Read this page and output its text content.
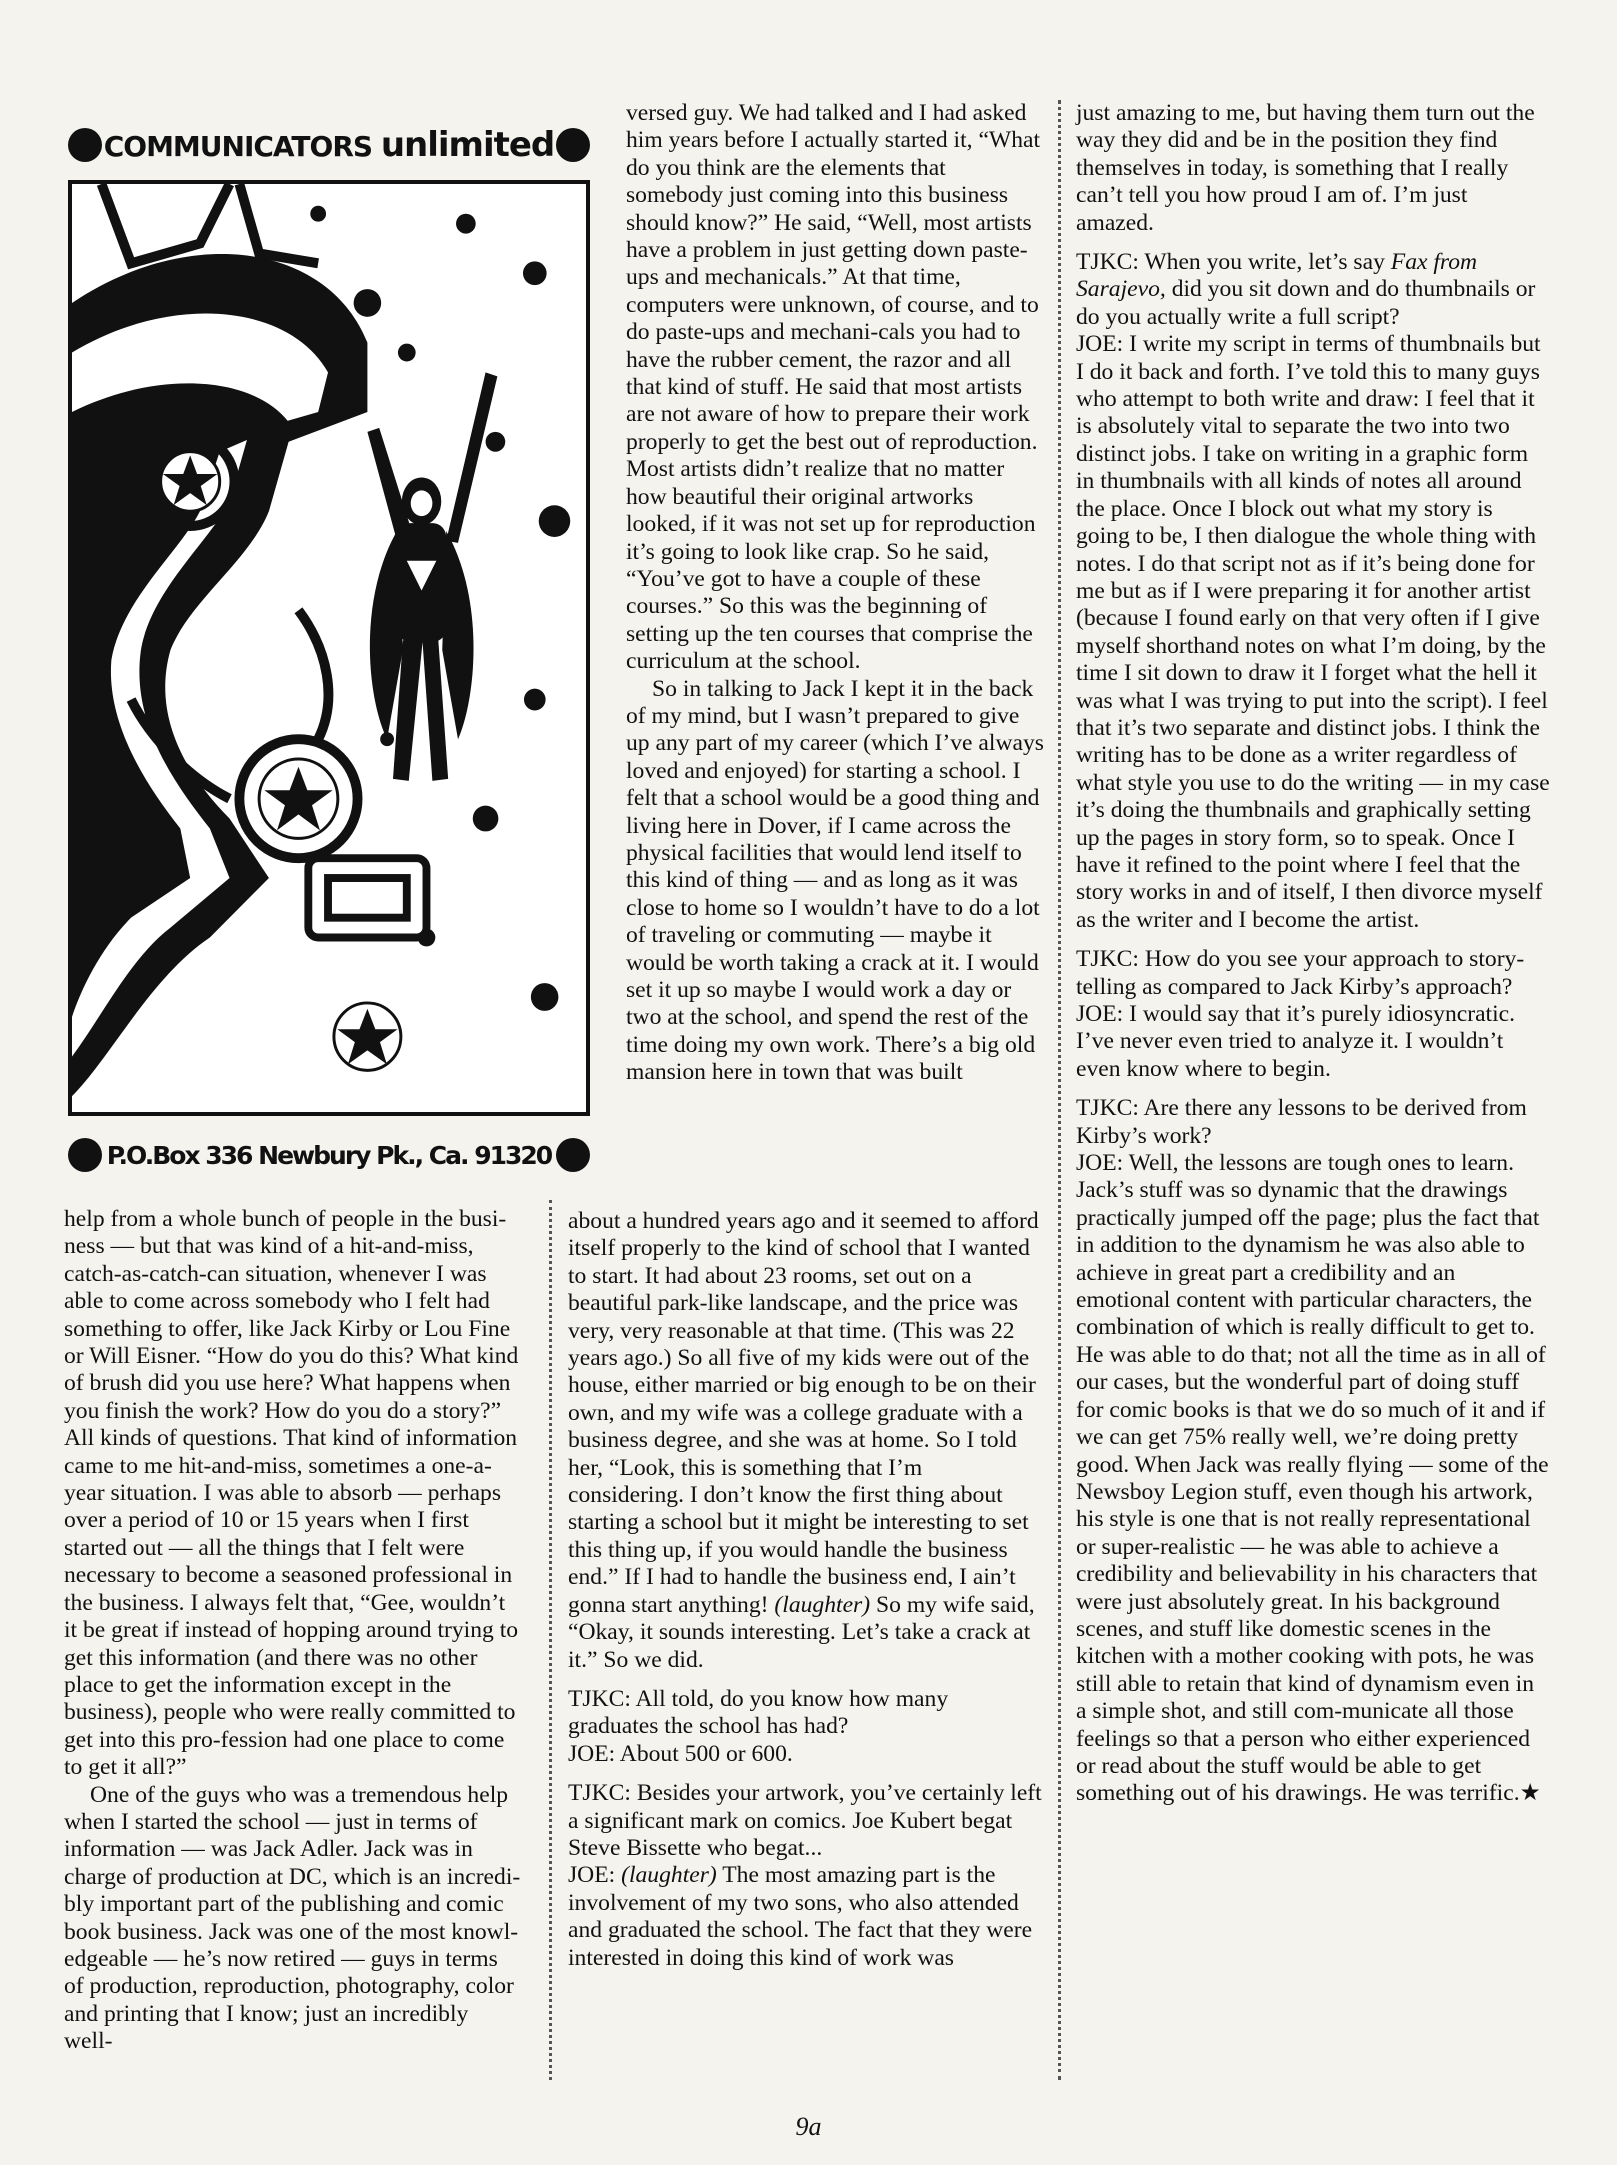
COMMUNICATORS unlimited
P.O.Box 336 Newbury Pk., Ca. 91320

help from a whole bunch of people in the busi-ness — but that was kind of a hit-and-miss, catch-as-catch-can situation, whenever I was able to come across somebody who I felt had something to offer, like Jack Kirby or Lou Fine or Will Eisner. “How do you do this? What kind of brush did you use here? What happens when you finish the work? How do you do a story?” All kinds of questions. That kind of information came to me hit-and-miss, sometimes a one-a-year situation. I was able to absorb — perhaps over a period of 10 or 15 years when I first started out — all the things that I felt were necessary to become a seasoned professional in the business. I always felt that, “Gee, wouldn’t it be great if instead of hopping around trying to get this information (and there was no other place to get the information except in the business), people who were really committed to get into this pro-fession had one place to come to get it all?”

One of the guys who was a tremendous help when I started the school — just in terms of information — was Jack Adler. Jack was in charge of production at DC, which is an incredi-bly important part of the publishing and comic book business. Jack was one of the most knowl-edgeable — he’s now retired — guys in terms of production, reproduction, photography, color and printing that I know; just an incredibly well-

versed guy. We had talked and I had asked him years before I actually started it, “What do you think are the elements that somebody just coming into this business should know?” He said, “Well, most artists have a problem in just getting down paste-ups and mechanicals.” At that time, computers were unknown, of course, and to do paste-ups and mechani-cals you had to have the rubber cement, the razor and all that kind of stuff. He said that most artists are not aware of how to prepare their work properly to get the best out of reproduction. Most artists didn’t realize that no matter how beautiful their original artworks looked, if it was not set up for reproduction it’s going to look like crap. So he said, “You’ve got to have a couple of these courses.” So this was the beginning of setting up the ten courses that comprise the curriculum at the school.

So in talking to Jack I kept it in the back of my mind, but I wasn’t prepared to give up any part of my career (which I’ve always loved and enjoyed) for starting a school. I felt that a school would be a good thing and living here in Dover, if I came across the physical facilities that would lend itself to this kind of thing — and as long as it was close to home so I wouldn’t have to do a lot of traveling or commuting — maybe it would be worth taking a crack at it. I would set it up so maybe I would work a day or two at the school, and spend the rest of the time doing my own work. There’s a big old mansion here in town that was built

about a hundred years ago and it seemed to afford itself properly to the kind of school that I wanted to start. It had about 23 rooms, set out on a beautiful park-like landscape, and the price was very, very reasonable at that time. (This was 22 years ago.) So all five of my kids were out of the house, either married or big enough to be on their own, and my wife was a college graduate with a business degree, and she was at home. So I told her, “Look, this is something that I’m considering. I don’t know the first thing about starting a school but it might be interesting to set this thing up, if you would handle the business end.” If I had to handle the business end, I ain’t gonna start anything! (laughter) So my wife said, “Okay, it sounds interesting. Let’s take a crack at it.” So we did.

TJKC: All told, do you know how many graduates the school has had?

JOE: About 500 or 600.

TJKC: Besides your artwork, you’ve certainly left a significant mark on comics. Joe Kubert begat Steve Bissette who begat...

JOE: (laughter) The most amazing part is the involvement of my two sons, who also attended and graduated the school. The fact that they were interested in doing this kind of work was

just amazing to me, but having them turn out the way they did and be in the position they find themselves in today, is something that I really can’t tell you how proud I am of. I’m just amazed.

TJKC: When you write, let’s say Fax from Sarajevo, did you sit down and do thumbnails or do you actually write a full script?

JOE: I write my script in terms of thumbnails but I do it back and forth. I’ve told this to many guys who attempt to both write and draw: I feel that it is absolutely vital to separate the two into two distinct jobs. I take on writing in a graphic form in thumbnails with all kinds of notes all around the place. Once I block out what my story is going to be, I then dialogue the whole thing with notes. I do that script not as if it’s being done for me but as if I were preparing it for another artist (because I found early on that very often if I give myself shorthand notes on what I’m doing, by the time I sit down to draw it I forget what the hell it was what I was trying to put into the script). I feel that it’s two separate and distinct jobs. I think the writing has to be done as a writer regardless of what style you use to do the writing — in my case it’s doing the thumbnails and graphically setting up the pages in story form, so to speak. Once I have it refined to the point where I feel that the story works in and of itself, I then divorce myself as the writer and I become the artist.

TJKC: How do you see your approach to story-telling as compared to Jack Kirby’s approach?

JOE: I would say that it’s purely idiosyncratic. I’ve never even tried to analyze it. I wouldn’t even know where to begin.

TJKC: Are there any lessons to be derived from Kirby’s work?

JOE: Well, the lessons are tough ones to learn. Jack’s stuff was so dynamic that the drawings practically jumped off the page; plus the fact that in addition to the dynamism he was also able to achieve in great part a credibility and an emotional content with particular characters, the combination of which is really difficult to get to. He was able to do that; not all the time as in all of our cases, but the wonderful part of doing stuff for comic books is that we do so much of it and if we can get 75% really well, we’re doing pretty good. When Jack was really flying — some of the Newsboy Legion stuff, even though his artwork, his style is one that is not really representational or super-realistic — he was able to achieve a credibility and believability in his characters that were just absolutely great. In his background scenes, and stuff like domestic scenes in the kitchen with a mother cooking with pots, he was still able to retain that kind of dynamism even in a simple shot, and still com-municate all those feelings so that a person who either experienced or read about the stuff would be able to get something out of his drawings. He was terrific.★

9a
